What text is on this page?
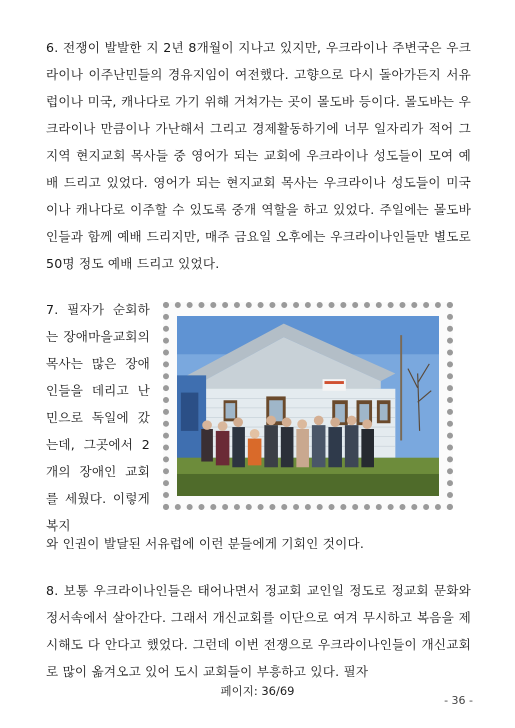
6. 전쟁이 발발한 지 2년 8개월이 지나고 있지만, 우크라이나 주변국은 우크라이나 이주난민들의 경유지임이 여전했다. 고향으로 다시 돌아가든지 서유럽이나 미국, 캐나다로 가기 위해 거쳐가는 곳이 몰도바 등이다. 몰도바는 우크라이나 만큼이나 가난해서 그리고 경제활동하기에 너무 일자리가 적어 그 지역 현지교회 목사들 중 영어가 되는 교회에 우크라이나 성도들이 모여 예배 드리고 있었다. 영어가 되는 현지교회 목사는 우크라이나 성도들이 미국이나 캐나다로 이주할 수 있도록 중개 역할을 하고 있었다. 주일에는 몰도바인들과 함께 예배 드리지만, 매주 금요일 오후에는 우크라이나인들만 별도로 50명 정도 예배 드리고 있었다.

7. 필자가 순회하는 장애마을교회의 목사는 많은 장애인들을 데리고 난민으로 독일에 갔는데, 그곳에서 2개의 장애인 교회를 세웠다. 이렇게 복지

와 인권이 발달된 서유럽에 이런 분들에게 기회인 것이다.

8. 보통 우크라이나인들은 태어나면서 정교회 교인일 정도로 정교회 문화와 정서속에서 살아간다. 그래서 개신교회를 이단으로 여겨 무시하고 복음을 제시해도 다 안다고 했었다. 그런데 이번 전쟁으로 우크라이나인들이 개신교회로 많이 옮겨오고 있어 도시 교회들이 부흥하고 있다. 필자

페이지: 36/69
- 36 -
